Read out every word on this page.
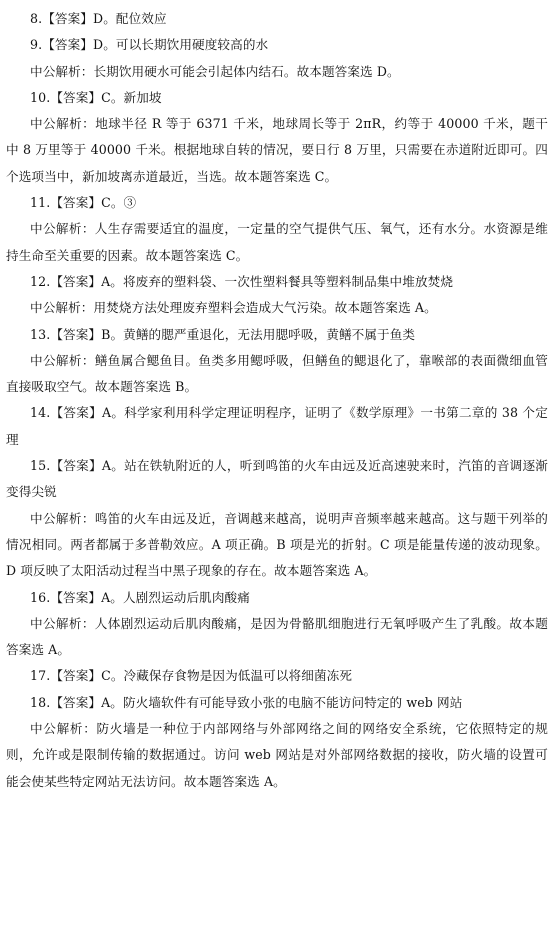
8.【答案】D。配位效应

9.【答案】D。可以长期饮用硬度较高的水

中公解析：长期饮用硬水可能会引起体内结石。故本题答案选 D。

10.【答案】C。新加坡

中公解析：地球半径 R 等于 6371 千米，地球周长等于 2πR，约等于 40000 千米，题干中 8 万里等于 40000 千米。根据地球自转的情况，要日行 8 万里，只需要在赤道附近即可。四个选项当中，新加坡离赤道最近，当选。故本题答案选 C。

11.【答案】C。③

中公解析：人生存需要适宜的温度，一定量的空气提供气压、氧气，还有水分。水资源是维持生命至关重要的因素。故本题答案选 C。

12.【答案】A。将废弃的塑料袋、一次性塑料餐具等塑料制品集中堆放焚烧

中公解析：用焚烧方法处理废弃塑料会造成大气污染。故本题答案选 A。

13.【答案】B。黄鳝的腮严重退化，无法用腮呼吸，黄鳝不属于鱼类

中公解析：鳝鱼属合鳃鱼目。鱼类多用鳃呼吸，但鳝鱼的鳃退化了，靠喉部的表面微细血管直接吸取空气。故本题答案选 B。

14.【答案】A。科学家利用科学定理证明程序，证明了《数学原理》一书第二章的 38 个定理

15.【答案】A。站在铁轨附近的人，听到鸣笛的火车由远及近高速驶来时，汽笛的音调逐渐变得尖锐

中公解析：鸣笛的火车由远及近，音调越来越高，说明声音频率越来越高。这与题干列举的情况相同。两者都属于多普勒效应。A 项正确。B 项是光的折射。C 项是能量传递的波动现象。D 项反映了太阳活动过程当中黑子现象的存在。故本题答案选 A。

16.【答案】A。人剧烈运动后肌肉酸痛

中公解析：人体剧烈运动后肌肉酸痛，是因为骨骼肌细胞进行无氧呼吸产生了乳酸。故本题答案选 A。

17.【答案】C。冷藏保存食物是因为低温可以将细菌冻死

18.【答案】A。防火墙软件有可能导致小张的电脑不能访问特定的 web 网站

中公解析：防火墙是一种位于内部网络与外部网络之间的网络安全系统，它依照特定的规则，允许或是限制传输的数据通过。访问 web 网站是对外部网络数据的接收，防火墙的设置可能会使某些特定网站无法访问。故本题答案选 A。
